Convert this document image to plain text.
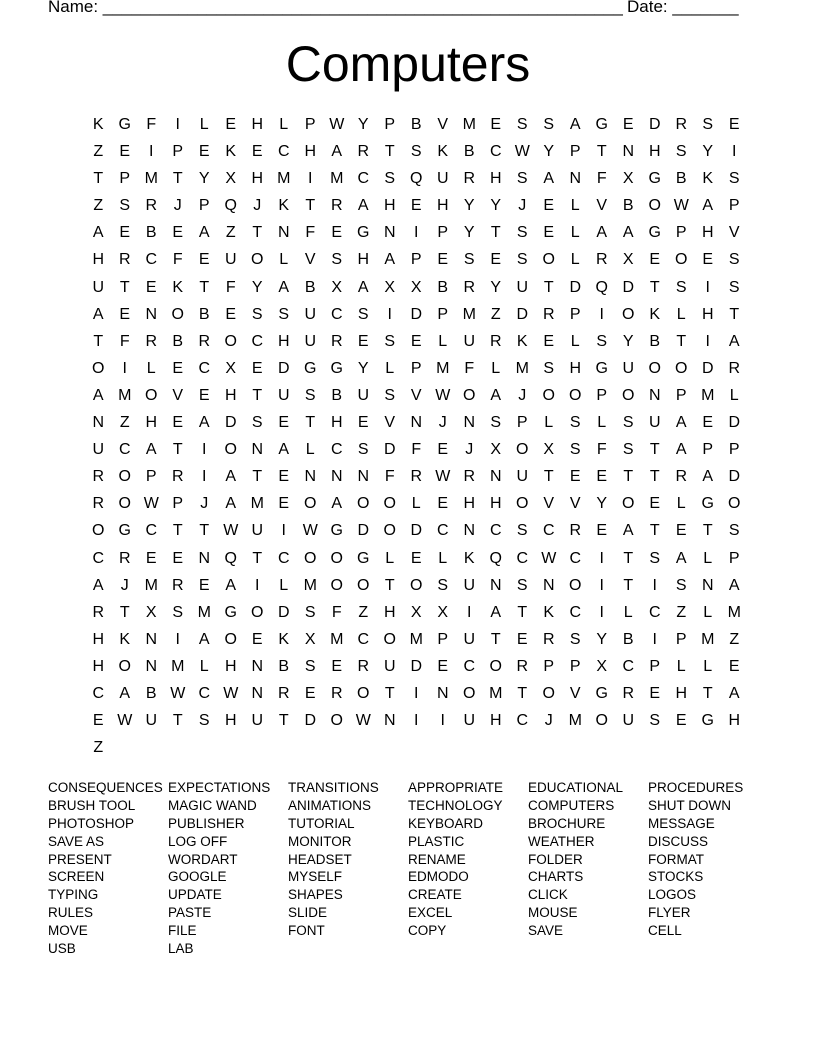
Name: _______________________________________________________ Date: _______
Computers
K G F	I	L	E H	L	P W Y P B V M E S S A G E D R S E
Z	E	I	P E K E C H A R T	S K B C W Y P	T N H S Y	I
T	P M T	Y X H M	I	M C S Q U R H S A N F	X G B K S
Z	S R	J	P Q	J	K	T R A H E H Y Y	J	E	L	V B O W A P
A E B E A	Z	T N F	E G N	I	P Y	T	S E	L	A A G P H V
H R C F	E U O L	V S H A P E S E S O L	R X E O E S
U T	E K	T	F	Y A B X A X X B R Y U T D Q D T	S	I	S
A E N O B E S S U C S	I	D P M Z D R P	I	O K	L	H T
T	F R B R O C H U R E S E	L	U R K E	L	S Y B	T	I	A
O	I	L	E C X E D G G Y	L	P M F	L M S H G U O O D R
A M O V E H T U S B U S V W O A	J	O O P O N P M L
N Z H E A D S E	T H E V N	J	N S P	L	S	L	S U A E D
U C A	T	I	O N A	L	C S D F	E	J	X O X S	F	S	T	A P P
R O P R	I	A	T	E N N N F R W R N U T	E E	T	T R A D
R O W P	J	A M E O A O O L	E H H O V V Y O E	L G O
O G C T	T W U	I	W G D O D C N C S C R E A	T	E	T	S
C R E E N Q T C O O G L	E	L	K Q C W C	I	T	S A	L	P
A	J M R E A	I	L M O O T O S U N S N O	I	T	I	S N A
R T	X S M G O D S	F	Z H X X	I	A	T	K C	I	L	C Z	L M
H K N	I	A O E K X M C O M P U T	E R S Y B	I	P M Z
H O N M L	H N B S E R U D E C O R P P X C P	L	L	E
C A B W C W N R E R O T	I	N O M T O V G R E H T	A
E W U T	S H U T D O W N	I	I	U H C	J M O U S E G H
Z
CONSEQUENCES
BRUSH TOOL
PHOTOSHOP
SAVE AS
PRESENT
SCREEN
TYPING
RULES
MOVE
USB
EXPECTATIONS
MAGIC WAND
PUBLISHER
LOG OFF
WORDART
GOOGLE
UPDATE
PASTE
FILE
LAB
TRANSITIONS
ANIMATIONS
TUTORIAL
MONITOR
HEADSET
MYSELF
SHAPES
SLIDE
FONT
APPROPRIATE
TECHNOLOGY
KEYBOARD
PLASTIC
RENAME
EDMODO
CREATE
EXCEL
COPY
EDUCATIONAL
COMPUTERS
BROCHURE
WEATHER
FOLDER
CHARTS
CLICK
MOUSE
SAVE
PROCEDURES
SHUT DOWN
MESSAGE
DISCUSS
FORMAT
STOCKS
LOGOS
FLYER
CELL
